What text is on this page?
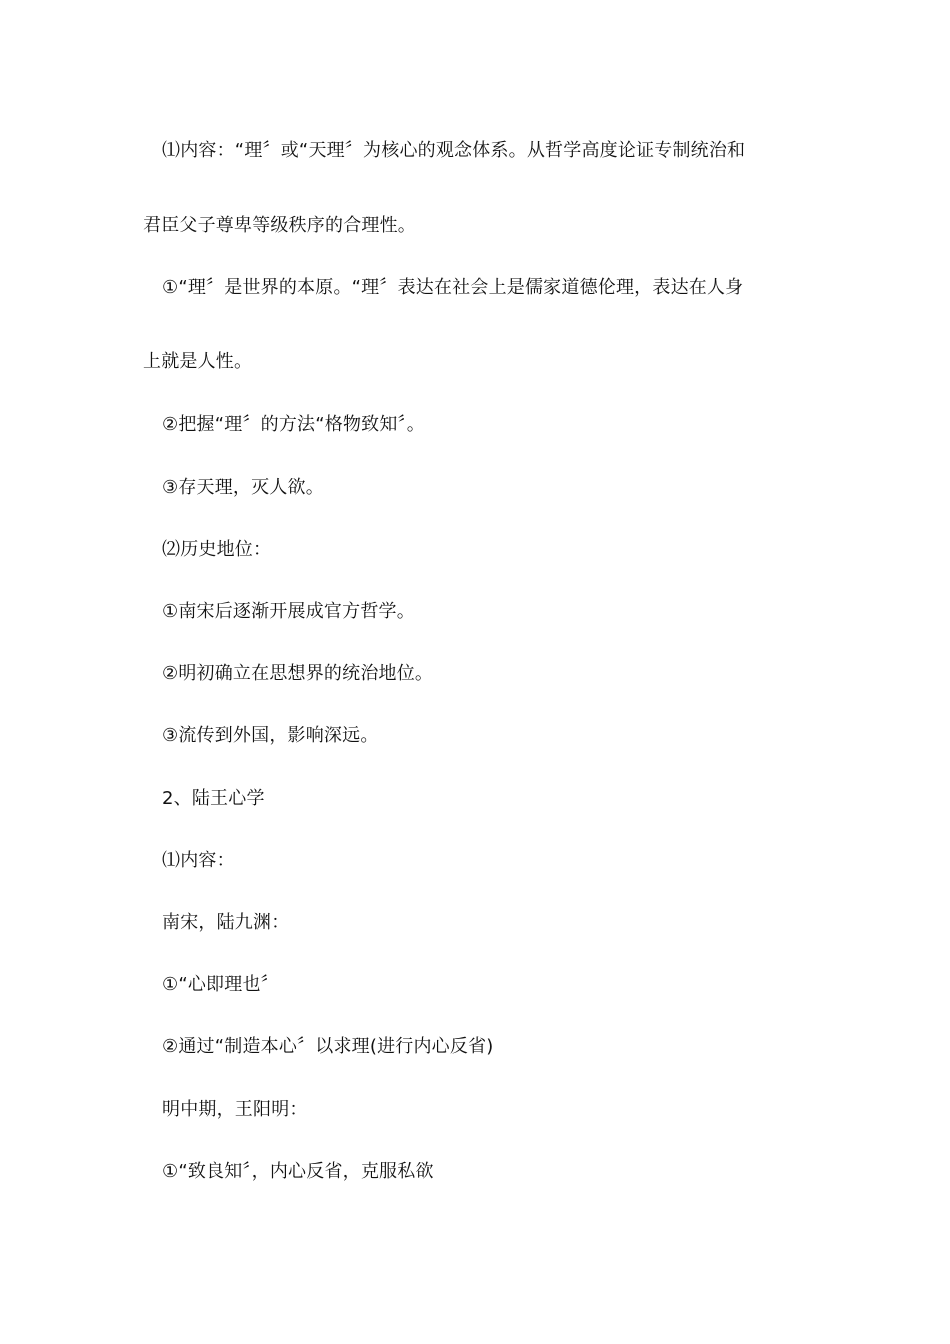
⑴内容：“理〞或“天理〞为核心的观念体系。从哲学高度论证专制统治和
君臣父子尊卑等级秩序的合理性。
①“理〞是世界的本原。“理〞表达在社会上是儒家道德伦理，表达在人身
上就是人性。
②把握“理〞的方法“格物致知〞。
③存天理，灭人欲。
⑵历史地位：
①南宋后逐渐开展成官方哲学。
②明初确立在思想界的统治地位。
③流传到外国，影响深远。
2、陆王心学
⑴内容：
南宋，陆九渊：
①“心即理也〞
②通过“制造本心〞以求理(进行内心反省)
明中期，王阳明：
①“致良知〞，内心反省，克服私欲
